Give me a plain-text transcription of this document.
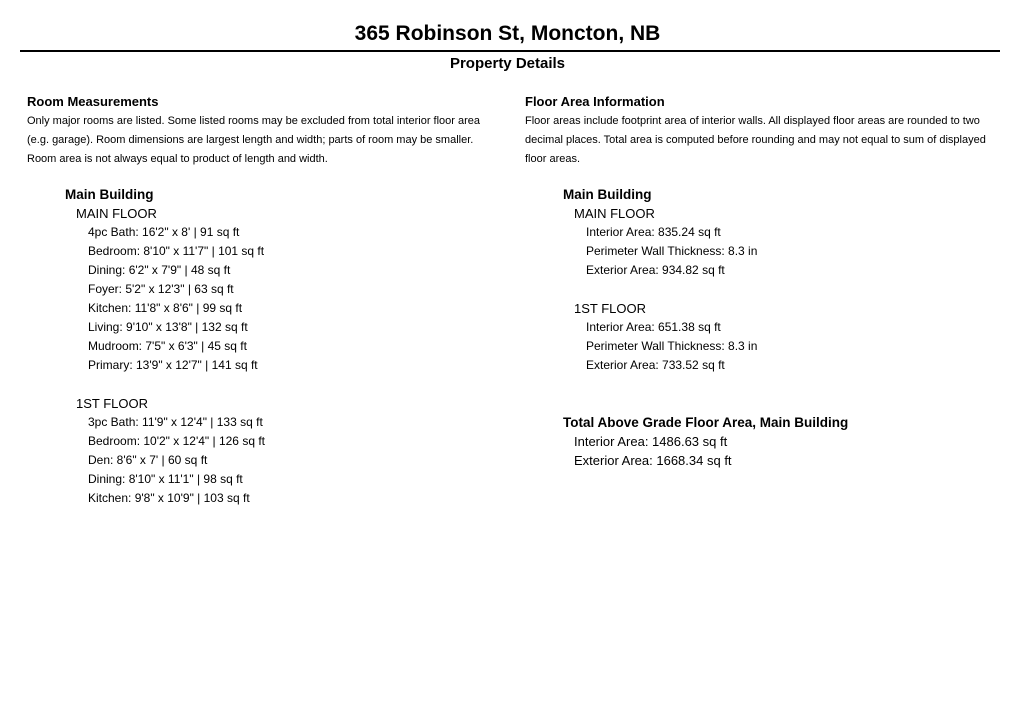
365 Robinson St, Moncton, NB
Property Details
Room Measurements
Only major rooms are listed. Some listed rooms may be excluded from total interior floor area (e.g. garage). Room dimensions are largest length and width; parts of room may be smaller. Room area is not always equal to product of length and width.
Main Building
MAIN FLOOR
4pc Bath: 16'2" x 8' | 91 sq ft
Bedroom: 8'10" x 11'7" | 101 sq ft
Dining: 6'2" x 7'9" | 48 sq ft
Foyer: 5'2" x 12'3" | 63 sq ft
Kitchen: 11'8" x 8'6" | 99 sq ft
Living: 9'10" x 13'8" | 132 sq ft
Mudroom: 7'5" x 6'3" | 45 sq ft
Primary: 13'9" x 12'7" | 141 sq ft
1ST FLOOR
3pc Bath: 11'9" x 12'4" | 133 sq ft
Bedroom: 10'2" x 12'4" | 126 sq ft
Den: 8'6" x 7' | 60 sq ft
Dining: 8'10" x 11'1" | 98 sq ft
Kitchen: 9'8" x 10'9" | 103 sq ft
Floor Area Information
Floor areas include footprint area of interior walls. All displayed floor areas are rounded to two decimal places. Total area is computed before rounding and may not equal to sum of displayed floor areas.
Main Building
MAIN FLOOR
Interior Area: 835.24 sq ft
Perimeter Wall Thickness: 8.3 in
Exterior Area: 934.82 sq ft
1ST FLOOR
Interior Area: 651.38 sq ft
Perimeter Wall Thickness: 8.3 in
Exterior Area: 733.52 sq ft
Total Above Grade Floor Area, Main Building
Interior Area: 1486.63 sq ft
Exterior Area: 1668.34 sq ft
